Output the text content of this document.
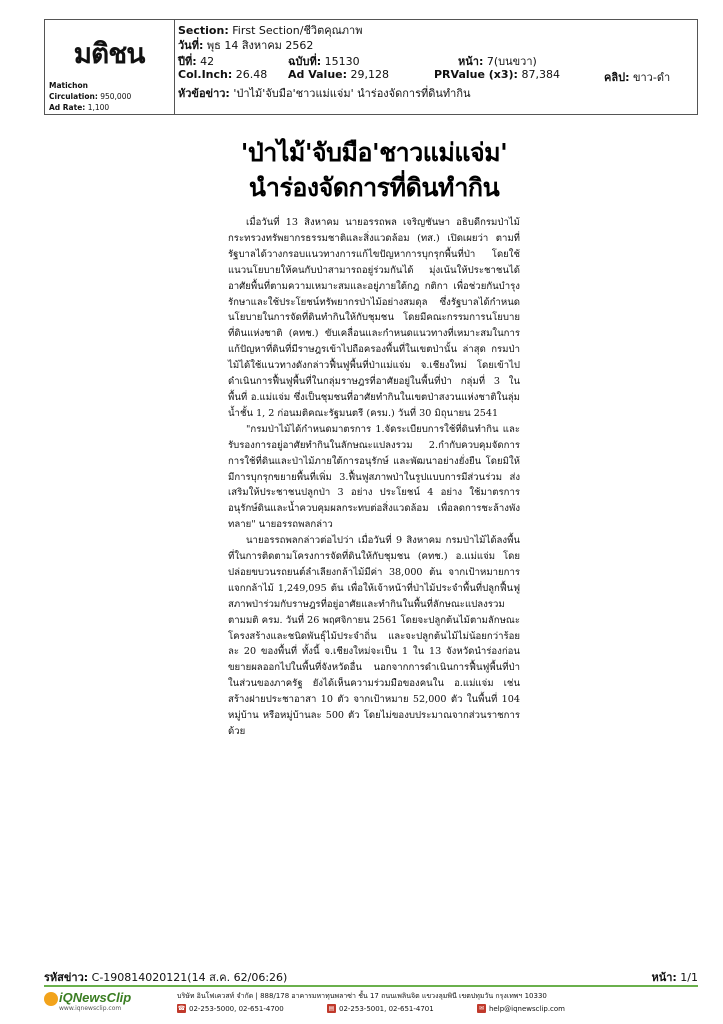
มติชน
Matichon
Circulation: 950,000
Ad Rate: 1,100
Section: First Section/ชีวิตคุณภาพ
วันที่: พุธ 14 สิงหาคม 2562
ปีที่: 42	ฉบับที่: 15130	หน้า: 7(บนขวา)
Col.Inch: 26.48 Ad Value: 29,128	PRValue (x3): 87,384	คลิป: ขาว-ดำ
หัวข้อข่าว: 'ป่าไม้'จับมือ'ชาวแม่แจ่ม' นำร่องจัดการที่ดินทำกิน
'ป่าไม้'จับมือ'ชาวแม่แจ่ม'
นำร่องจัดการที่ดินทำกิน

เมื่อวันที่ 13 สิงหาคม นายอรรถพล เจริญชันษา อธิบดีกรมป่าไม้ กระทรวงทรัพยากรธรรมชาติและสิ่งแวดล้อม (ทส.) เปิดเผยว่า ตามที่รัฐบาลได้วางกรอบแนวทางการแก้ไขปัญหาการบุกรุกพื้นที่ป่า โดยใช้แนวนโยบายให้คนกับป่าสามารถอยู่ร่วมกันได้ มุ่งเน้นให้ประชาชนได้อาศัยพื้นที่ตามความเหมาะสมและอยู่ภายใต้กฎ กติกา เพื่อช่วยกันบำรุงรักษาและใช้ประโยชน์ทรัพยากรป่าไม้อย่างสมดุล ซึ่งรัฐบาลได้กำหนดนโยบายในการจัดที่ดินทำกินให้กับชุมชน โดยมีคณะกรรมการนโยบายที่ดินแห่งชาติ (คทช.) ขับเคลื่อนและกำหนดแนวทางที่เหมาะสมในการแก้ปัญหาที่ดินที่มีราษฎรเข้าไปถือครองพื้นที่ในเขตป่านั้น ล่าสุด กรมป่าไม้ได้ใช้แนวทางดังกล่าวฟื้นฟูพื้นที่ป่าแม่แจ่ม จ.เชียงใหม่ โดยเข้าไปดำเนินการฟื้นฟูพื้นที่ในกลุ่มราษฎรที่อาศัยอยู่ในพื้นที่ป่า กลุ่มที่ 3 ในพื้นที่ อ.แม่แจ่ม ซึ่งเป็นชุมชนที่อาศัยทำกินในเขตป่าสงวนแห่งชาติในลุ่มน้ำชั้น 1, 2 ก่อนมติคณะรัฐมนตรี (ครม.) วันที่ 30 มิถุนายน 2541

"กรมป่าไม้ได้กำหนดมาตรการ 1.จัดระเบียบการใช้ที่ดินทำกิน และรับรองการอยู่อาศัยทำกินในลักษณะแปลงรวม 2.กำกับควบคุมจัดการการใช้ที่ดินและป่าไม้ภายใต้การอนุรักษ์ และพัฒนาอย่างยั่งยืน โดยมิให้มีการบุกรุกขยายพื้นที่เพิ่ม 3.ฟื้นฟูสภาพป่าในรูปแบบการมีส่วนร่วม ส่งเสริมให้ประชาชนปลูกป่า 3 อย่าง ประโยชน์ 4 อย่าง ใช้มาตรการอนุรักษ์ดินและน้ำควบคุมผลกระทบต่อสิ่งแวดล้อม เพื่อลดการชะล้างพังทลาย" นายอรรถพลกล่าว

นายอรรถพลกล่าวต่อไปว่า เมื่อวันที่ 9 สิงหาคม กรมป่าไม้ได้ลงพื้นที่ในการติดตามโครงการจัดที่ดินให้กับชุมชน (คทช.) อ.แม่แจ่ม โดยปล่อยขบวนรถยนต์ลำเลียงกล้าไม้มีค่า 38,000 ต้น จากเป้าหมายการแจกกล้าไม้ 1,249,095 ต้น เพื่อให้เจ้าหน้าที่ป่าไม้ประจำพื้นที่ปลูกฟื้นฟูสภาพป่าร่วมกับราษฎรที่อยู่อาศัยและทำกินในพื้นที่ลักษณะแปลงรวมตามมติ ครม. วันที่ 26 พฤศจิกายน 2561 โดยจะปลูกต้นไม้ตามลักษณะโครงสร้างและชนิดพันธุ์ไม้ประจำถิ่น และจะปลูกต้นไม้ไม่น้อยกว่าร้อยละ 20 ของพื้นที่ ทั้งนี้ จ.เชียงใหม่จะเป็น 1 ใน 13 จังหวัดนำร่องก่อนขยายผลออกไปในพื้นที่จังหวัดอื่น นอกจากการดำเนินการฟื้นฟูพื้นที่ป่าในส่วนของภาครัฐ ยังได้เห็นความร่วมมือของคนใน อ.แม่แจ่ม เช่น สร้างฝายประชาอาสา 10 ตัว จากเป้าหมาย 52,000 ตัว ในพื้นที่ 104 หมู่บ้าน หรือหมู่บ้านละ 500 ตัว โดยไม่ของบประมาณจากส่วนราชการด้วย

รหัสข่าว: C-190814020121(14 ส.ค. 62/06:26)	หน้า: 1/1
iQNewsClip
www.iqnewsclip.com
บริษัท อินโฟเควสท์ จำกัด | 888/178 อาคารมหาทุนพลาซ่า ชั้น 17 ถนนเพลินจิต แขวงลุมพินี เขตปทุมวัน กรุงเทพฯ 10330
☎ 02-253-5000, 02-651-4700	▤ 02-253-5001, 02-651-4701	✉ help@iqnewsclip.com
